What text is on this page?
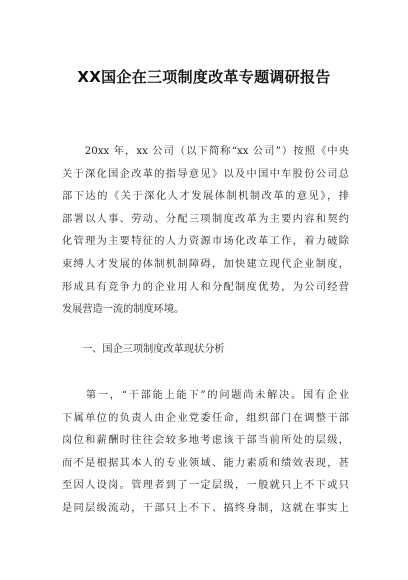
XX国企在三项制度改革专题调研报告
　　20xx 年，xx 公司（以下简称“xx 公司”）按照《中央
关于深化国企改革的指导意见》以及中国中车股份公司总
部下达的《关于深化人才发展体制机制改革的意见》，排
部署以人事、劳动、分配三项制度改革为主要内容和契约
化管理为主要特征的人力资源市场化改革工作，着力破除
束缚人才发展的体制机制障碍，加快建立现代企业制度，
形成具有竞争力的企业用人和分配制度优势，为公司经营
发展营造一流的制度环境。
一、国企三项制度改革现状分析
　　第一，“干部能上能下”的问题尚未解决。国有企业
下属单位的负责人由企业党委任命，组织部门在调整干部
岗位和薪酬时往往会较多地考虑该干部当前所处的层级，
而不是根据其本人的专业领域、能力素质和绩效表现，甚
至因人设岗。管理者到了一定层级，一般就只上不下或只
是同层级流动，干部只上不下、搞终身制，这就在事实上
